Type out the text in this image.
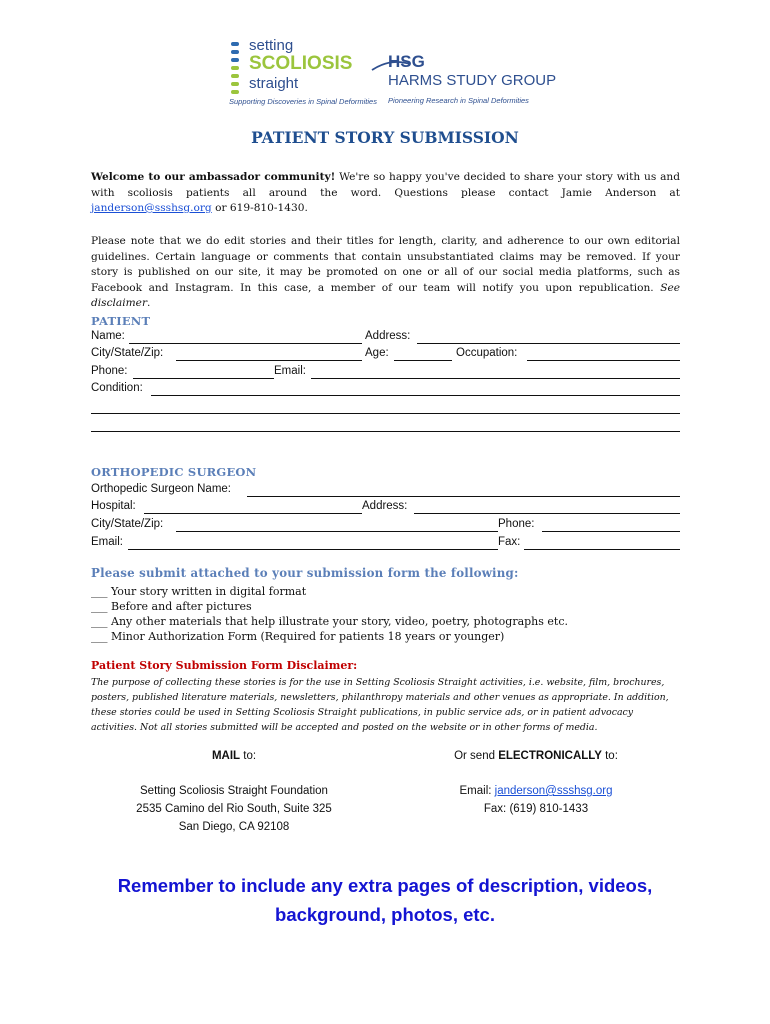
setting
SCOLIOSIS
straight
Supporting Discoveries in Spinal Deformities
HSG
HARMS STUDY GROUP
Pioneering Research in Spinal Deformities
PATIENT STORY SUBMISSION
Welcome to our ambassador community! We're so happy you've decided to share your story with us and with scoliosis patients all around the word. Questions please contact Jamie Anderson at janderson@ssshsg.org or 619-810-1430.
Please note that we do edit stories and their titles for length, clarity, and adherence to our own editorial guidelines. Certain language or comments that contain unsubstantiated claims may be removed. If your story is published on our site, it may be promoted on one or all of our social media platforms, such as Facebook and Instagram. In this case, a member of our team will notify you upon republication. See disclaimer.
PATIENT
Name:	Address:
City/State/Zip:	Age:	Occupation:
Phone:	Email:
Condition:
ORTHOPEDIC SURGEON
Orthopedic Surgeon Name:
Hospital:	Address:
City/State/Zip:	Phone:
Email:	Fax:
Please submit attached to your submission form the following:
___ Your story written in digital format
___ Before and after pictures
___ Any other materials that help illustrate your story, video, poetry, photographs etc.
___ Minor Authorization Form (Required for patients 18 years or younger)
Patient Story Submission Form Disclaimer:
The purpose of collecting these stories is for the use in Setting Scoliosis Straight activities, i.e. website, film, brochures, posters, published literature materials, newsletters, philanthropy materials and other venues as appropriate. In addition, these stories could be used in Setting Scoliosis Straight publications, in public service ads, or in patient advocacy activities. Not all stories submitted will be accepted and posted on the website or in other forms of media.
MAIL to:
Setting Scoliosis Straight Foundation
2535 Camino del Rio South, Suite 325
San Diego, CA 92108
Or send ELECTRONICALLY to:
Email: janderson@ssshsg.org
Fax: (619) 810-1433
Remember to include any extra pages of description, videos,
background, photos, etc.
